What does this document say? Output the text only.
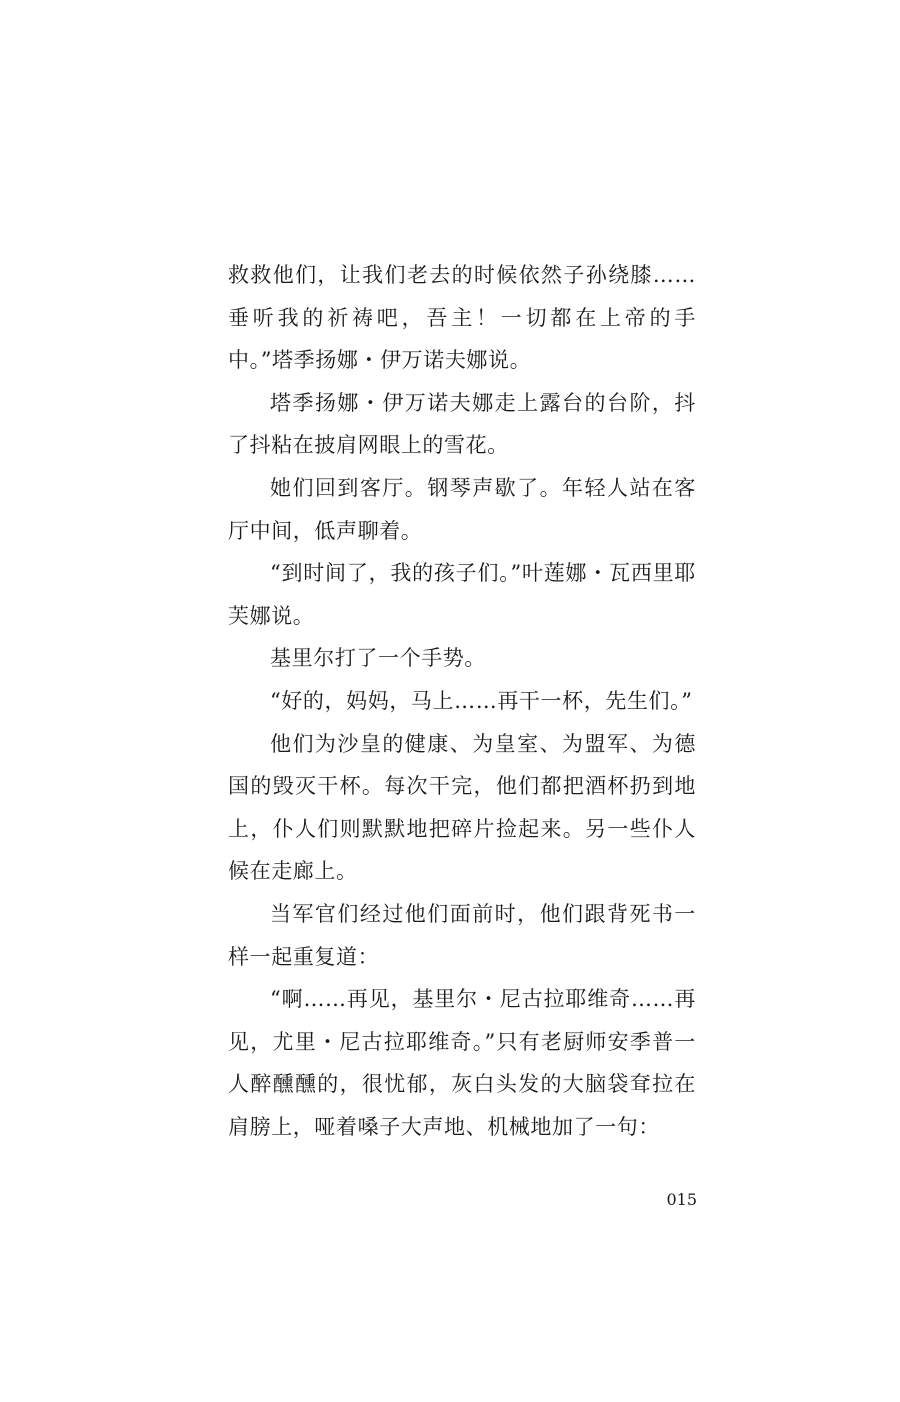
救救他们，让我们老去的时候依然子孙绕膝……垂听我的祈祷吧，吾主！一切都在上帝的手中。”塔季扬娜・伊万诺夫娜说。

塔季扬娜・伊万诺夫娜走上露台的台阶，抖了抖粘在披肩网眼上的雪花。

她们回到客厅。钢琴声歇了。年轻人站在客厅中间，低声聊着。

“到时间了，我的孩子们。”叶莲娜・瓦西里耶芙娜说。

基里尔打了一个手势。

“好的，妈妈，马上……再干一杯，先生们。”

他们为沙皇的健康、为皇室、为盟军、为德国的毁灭干杯。每次干完，他们都把酒杯扔到地上，仆人们则默默地把碎片捡起来。另一些仆人候在走廊上。

当军官们经过他们面前时，他们跟背死书一样一起重复道：

“啊……再见，基里尔・尼古拉耶维奇……再见，尤里・尼古拉耶维奇。”只有老厨师安季普一人醉醺醺的，很忧郁，灰白头发的大脑袋耷拉在肩膀上，哑着嗓子大声地、机械地加了一句：

015
